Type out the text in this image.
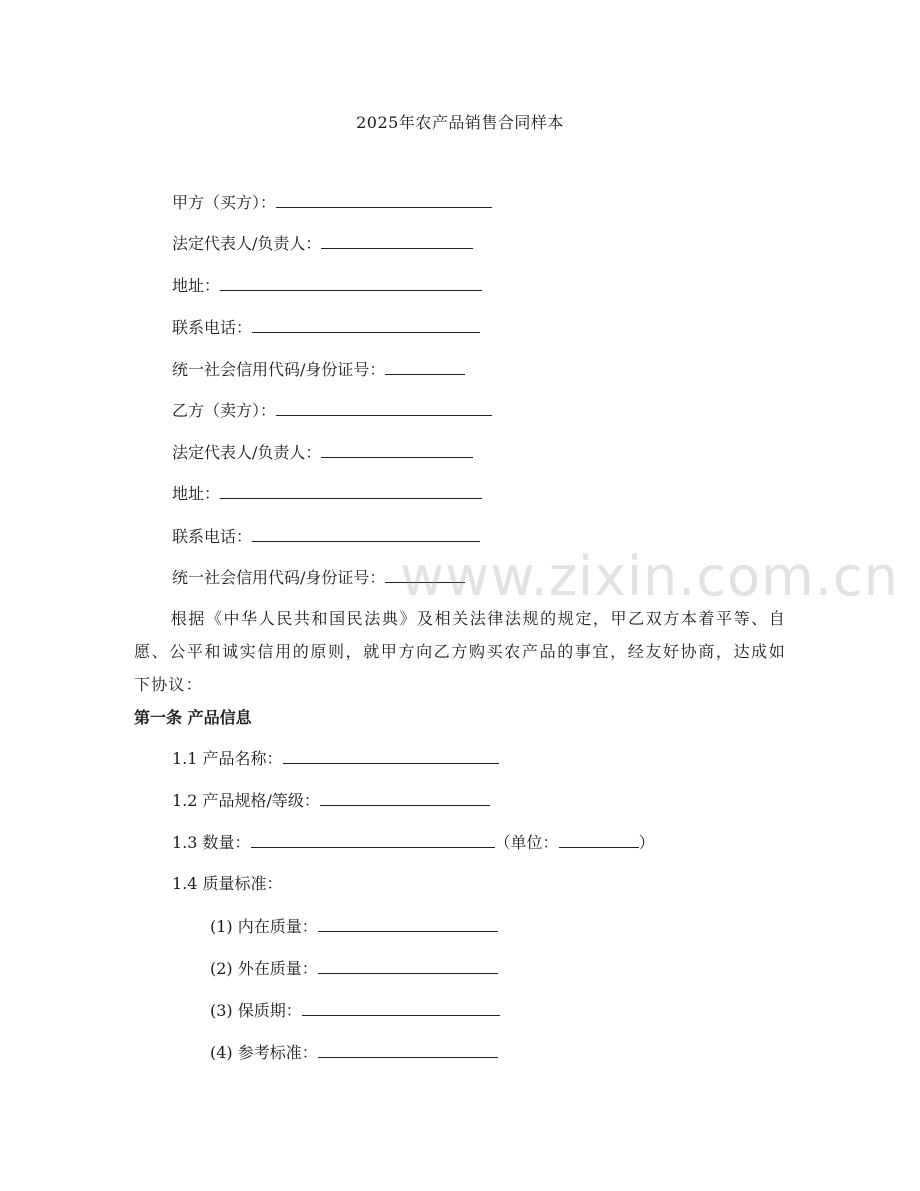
2025年农产品销售合同样本
甲方（买方）：
法定代表人/负责人：
地址：
联系电话：
统一社会信用代码/身份证号：
乙方（卖方）：
法定代表人/负责人：
地址：
联系电话：
统一社会信用代码/身份证号：
根据《中华人民共和国民法典》及相关法律法规的规定，甲乙双方本着平等、自愿、公平和诚实信用的原则，就甲方向乙方购买农产品的事宜，经友好协商，达成如下协议：
第一条 产品信息
1.1 产品名称：
1.2 产品规格/等级：
1.3 数量：	（单位：	）
1.4 质量标准：
(1) 内在质量：
(2) 外在质量：
(3) 保质期：
(4) 参考标准：
www.zixin.com.cn
